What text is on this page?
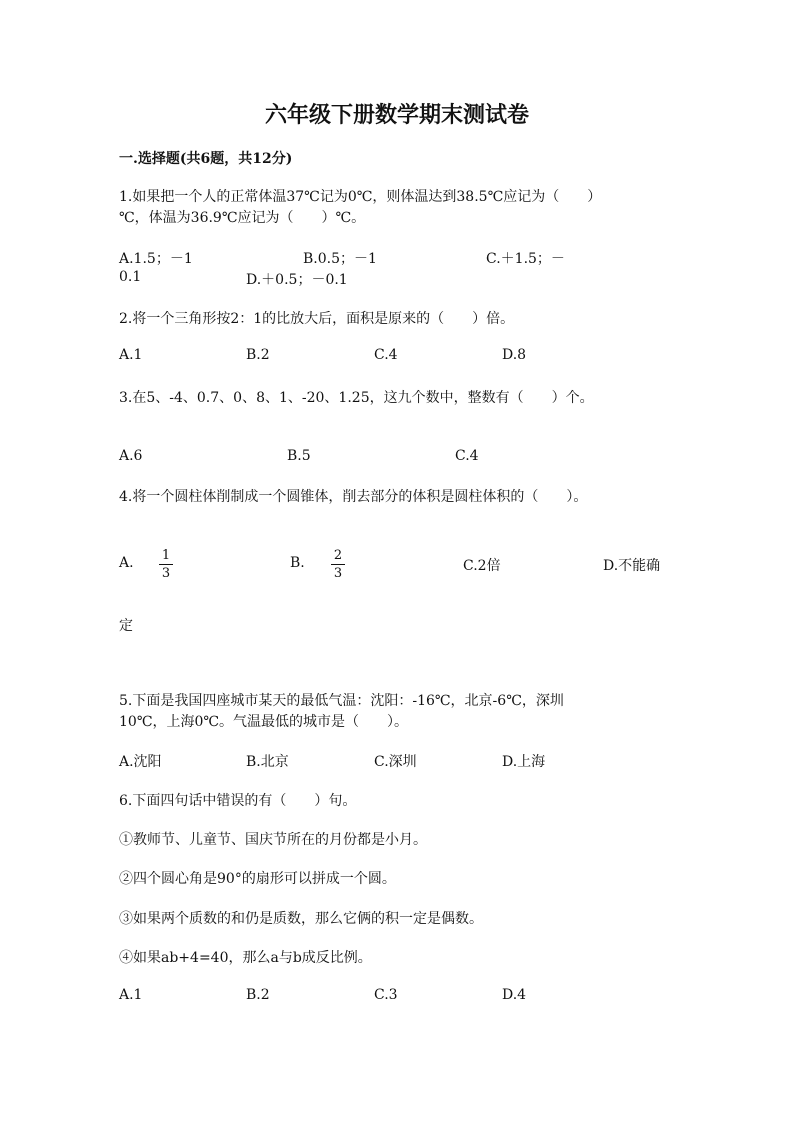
六年级下册数学期末测试卷
一.选择题(共6题，共12分)
1.如果把一个人的正常体温37℃记为0℃，则体温达到38.5℃应记为（　　）
℃，体温为36.9℃应记为（　　）℃。
A.1.5；－1	B.0.5；－1	C.＋1.5；－
0.1	D.＋0.5；－0.1
2.将一个三角形按2：1的比放大后，面积是原来的（　　）倍。
A.1	B.2	C.4	D.8
3.在5、-4、0.7、0、8、1、-20、1.25，这九个数中，整数有（　　）个。
A.6	B.5	C.4
4.将一个圆柱体削制成一个圆锥体，削去部分的体积是圆柱体积的（　　）。
A. $\frac{1}{3}$	B. $\frac{2}{3}$	C.2倍	D.不能确
定
5.下面是我国四座城市某天的最低气温：沈阳：-16℃，北京-6℃，深圳
10℃，上海0℃。气温最低的城市是（　　）。
A.沈阳	B.北京	C.深圳	D.上海
6.下面四句话中错误的有（　　）句。
①教师节、儿童节、国庆节所在的月份都是小月。
②四个圆心角是90°的扇形可以拼成一个圆。
③如果两个质数的和仍是质数，那么它俩的积一定是偶数。
④如果ab+4=40，那么a与b成反比例。
A.1	B.2	C.3	D.4
